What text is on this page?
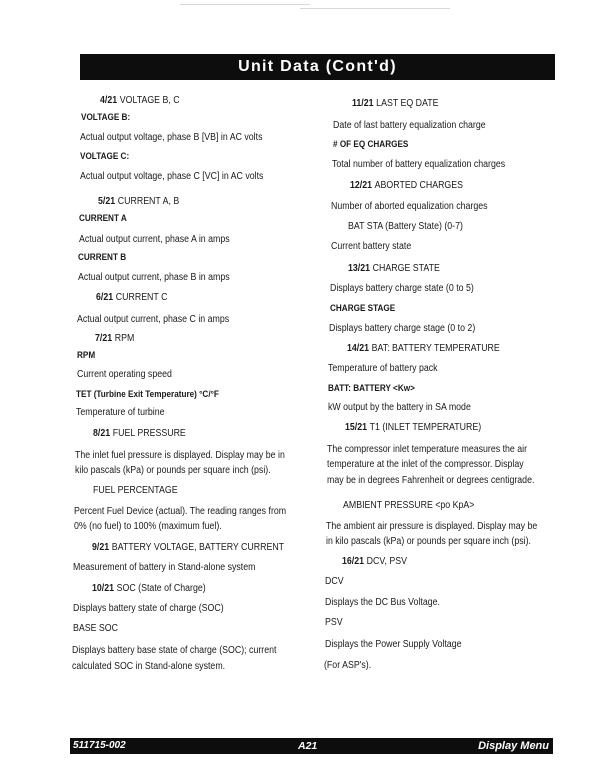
Unit Data (Cont'd)
4/21 VOLTAGE B, C
VOLTAGE B:
Actual output voltage, phase B [VB] in AC volts
VOLTAGE C:
Actual output voltage, phase C [VC] in AC volts
5/21 CURRENT A, B
CURRENT A
Actual output current, phase A in amps
CURRENT B
Actual output current, phase B in amps
6/21 CURRENT C
Actual output current, phase C in amps
7/21 RPM
RPM
Current operating speed
TET (Turbine Exit Temperature) °C/°F
Temperature of turbine
8/21 FUEL PRESSURE
The inlet fuel pressure is displayed. Display may be in
kilo pascals (kPa) or pounds per square inch (psi).
FUEL PERCENTAGE
Percent Fuel Device (actual). The reading ranges from
0% (no fuel) to 100% (maximum fuel).
9/21 BATTERY VOLTAGE, BATTERY CURRENT
Measurement of battery in Stand-alone system
10/21 SOC (State of Charge)
Displays battery state of charge (SOC)
BASE SOC
Displays battery base state of charge (SOC); current
calculated SOC in Stand-alone system.
11/21 LAST EQ DATE
Date of last battery equalization charge
# OF EQ CHARGES
Total number of battery equalization charges
12/21 ABORTED CHARGES
Number of aborted equalization charges
BAT STA (Battery State) (0-7)
Current battery state
13/21 CHARGE STATE
Displays battery charge state (0 to 5)
CHARGE STAGE
Displays battery charge stage (0 to 2)
14/21 BAT: BATTERY TEMPERATURE
Temperature of battery pack
BATT: BATTERY <Kw>
kW output by the battery in SA mode
15/21 T1 (INLET TEMPERATURE)
The compressor inlet temperature measures the air
temperature at the inlet of the compressor. Display
may be in degrees Fahrenheit or degrees centigrade.
AMBIENT PRESSURE <po KpA>
The ambient air pressure is displayed. Display may be
in kilo pascals (kPa) or pounds per square inch (psi).
16/21 DCV, PSV
DCV
Displays the DC Bus Voltage.
PSV
Displays the Power Supply Voltage
(For ASP's).
511715-002	A21	Display Menu
